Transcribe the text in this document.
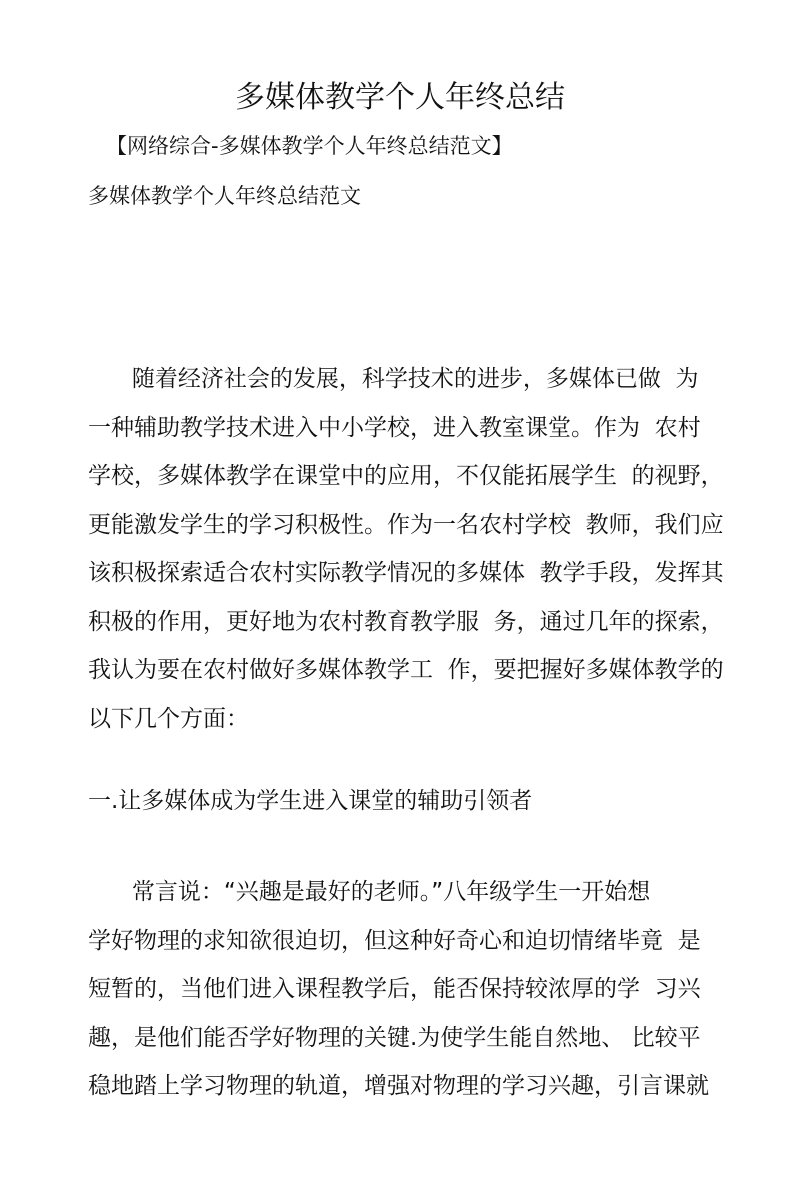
多媒体教学个人年终总结
【网络综合-多媒体教学个人年终总结范文】
多媒体教学个人年终总结范文
随着经济社会的发展，科学技术的进步，多媒体已做  为
一种辅助教学技术进入中小学校，进入教室课堂。作为  农村
学校，多媒体教学在课堂中的应用，不仅能拓展学生  的视野，
更能激发学生的学习积极性。作为一名农村学校  教师，我们应
该积极探索适合农村实际教学情况的多媒体  教学手段，发挥其
积极的作用，更好地为农村教育教学服  务，通过几年的探索，
我认为要在农村做好多媒体教学工  作，要把握好多媒体教学的
以下几个方面：
一.让多媒体成为学生进入课堂的辅助引领者
常言说：“兴趣是最好的老师。”八年级学生一开始想
学好物理的求知欲很迫切，但这种好奇心和迫切情绪毕竟  是
短暂的，当他们进入课程教学后，能否保持较浓厚的学  习兴
趣，是他们能否学好物理的关键.为使学生能自然地、 比较平
稳地踏上学习物理的轨道，增强对物理的学习兴趣，引言课就
